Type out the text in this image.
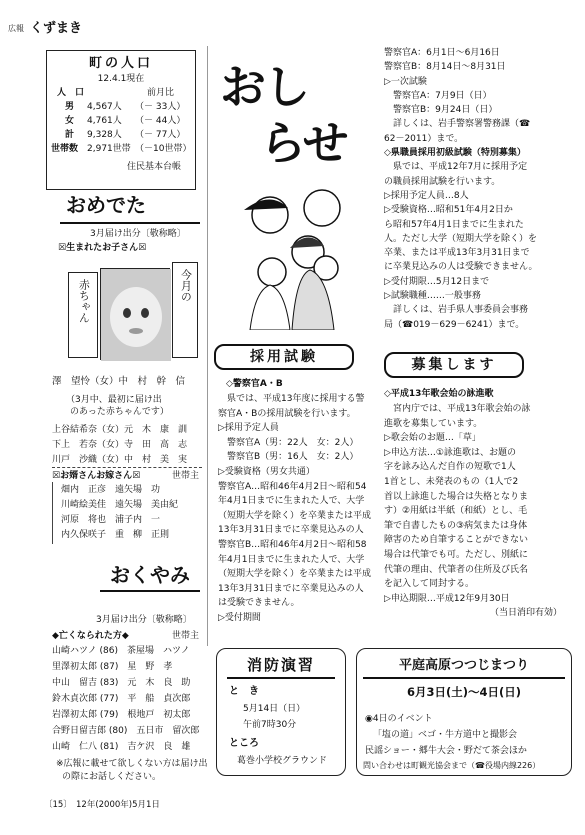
広報 くずまき
町の人口
12.4.1現在
前月比
人　口
男 4,567人 （－ 33人）
女 4,761人 （－ 44人）
計 9,328人 （－ 77人）
世帯数 2,971世帯 （－10世帯）
住民基本台帳
おめでた
3月届け出分〔敬称略〕
☒生まれたお子さん☒
赤ちゃん	今月の
澤　望怜（女）中　村　幹　信
（3月中、最初に届け出
のあった赤ちゃんです）
上谷結希奈（女）元　木　康　訓
下上　若奈（女）寺　田　高　志
川戸　沙織（女）中　村　美　実
☒お婿さんお嫁さん☒	世帯主
畑内　正彦　遠矢場　功
川崎絵美佳　遠矢場　美由紀
河原　将也　浦子内　一
内久保咲子　重　柳　正則
おくやみ
3月届け出分〔敬称略〕
◆亡くなられた方◆	世帯主
山崎ハツノ (86)　茶屋場　ハツノ
里澤初太郎 (87)　星　野　孝
中山　留吉 (83)　元　木　良　助
鈴木貞次郎 (77)　平　船　貞次郎
岩澤初太郎 (79)　根地戸　初太郎
合野日留吉郎 (80)　五日市　留次郎
山崎　仁八 (81)　吉ケ沢　良　雄
※広報に載せて欲しくない方は届け出
の際にお話しください。
おし
らせ
採用試験
◇警察官A・B
　県では、平成13年度に採用する警
察官A・Bの採用試験を行います。
▷採用予定人員
　警察官A（男：22人　女：2人）
　警察官B（男：16人　女：2人）
▷受験資格（男女共通）
警察官A…昭和46年4月2日～昭和54
年4月1日までに生まれた人で、大学
（短期大学を除く）を卒業または平成
13年3月31日までに卒業見込みの人
警察官B…昭和46年4月2日～昭和58
年4月1日までに生まれた人で、大学
（短期大学を除く）を卒業または平成
13年3月31日までに卒業見込みの人
は受験できません。
▷受付期間
警察官A：6月1日～6月16日
警察官B：8月14日～8月31日
▷一次試験
　警察官A：7月9日（日）
　警察官B：9月24日（日）
　詳しくは、岩手警察署警務課（☎
62－2011）まで。
◇県職員採用初級試験（特別募集）
　県では、平成12年7月に採用予定
の職員採用試験を行います。
▷採用予定人員…8人
▷受験資格…昭和51年4月2日か
ら昭和57年4月1日までに生まれた
人。ただし大学（短期大学を除く）を
卒業、または平成13年3月31日まで
に卒業見込みの人は受験できません。
▷受付期限…5月12日まで
▷試験職種……一般事務
　詳しくは、岩手県人事委員会事務
局（☎019－629－6241）まで。
募集します
◇平成13年歌会始の詠進歌
　宮内庁では、平成13年歌会始の詠
進歌を募集しています。
▷歌会始のお題…「草」
▷申込方法…①詠進歌は、お題の
字を詠み込んだ自作の短歌で1人
1首とし、未発表のもの（1人で2
首以上詠進した場合は失格となりま
す）②用紙は半紙（和紙）とし、毛
筆で自書したもの③病気または身体
障害のため自筆することができない
場合は代筆でも可。ただし、別紙に
代筆の理由、代筆者の住所及び氏名
を記入して同封する。
▷申込期限…平成12年9月30日
（当日消印有効）
消防演習
と　き
5月14日（日）
午前7時30分
ところ
葛巻小学校グラウンド
平庭高原つつじまつり
6月3日(土)～4日(日)
◉4日のイベント
「塩の道」ベゴ・牛方道中と撮影会
民謡ショー・郷牛大会・野だて茶会ほか
問い合わせは町観光協会まで（☎役場内線226）
〔15〕 12年(2000年)5月1日
